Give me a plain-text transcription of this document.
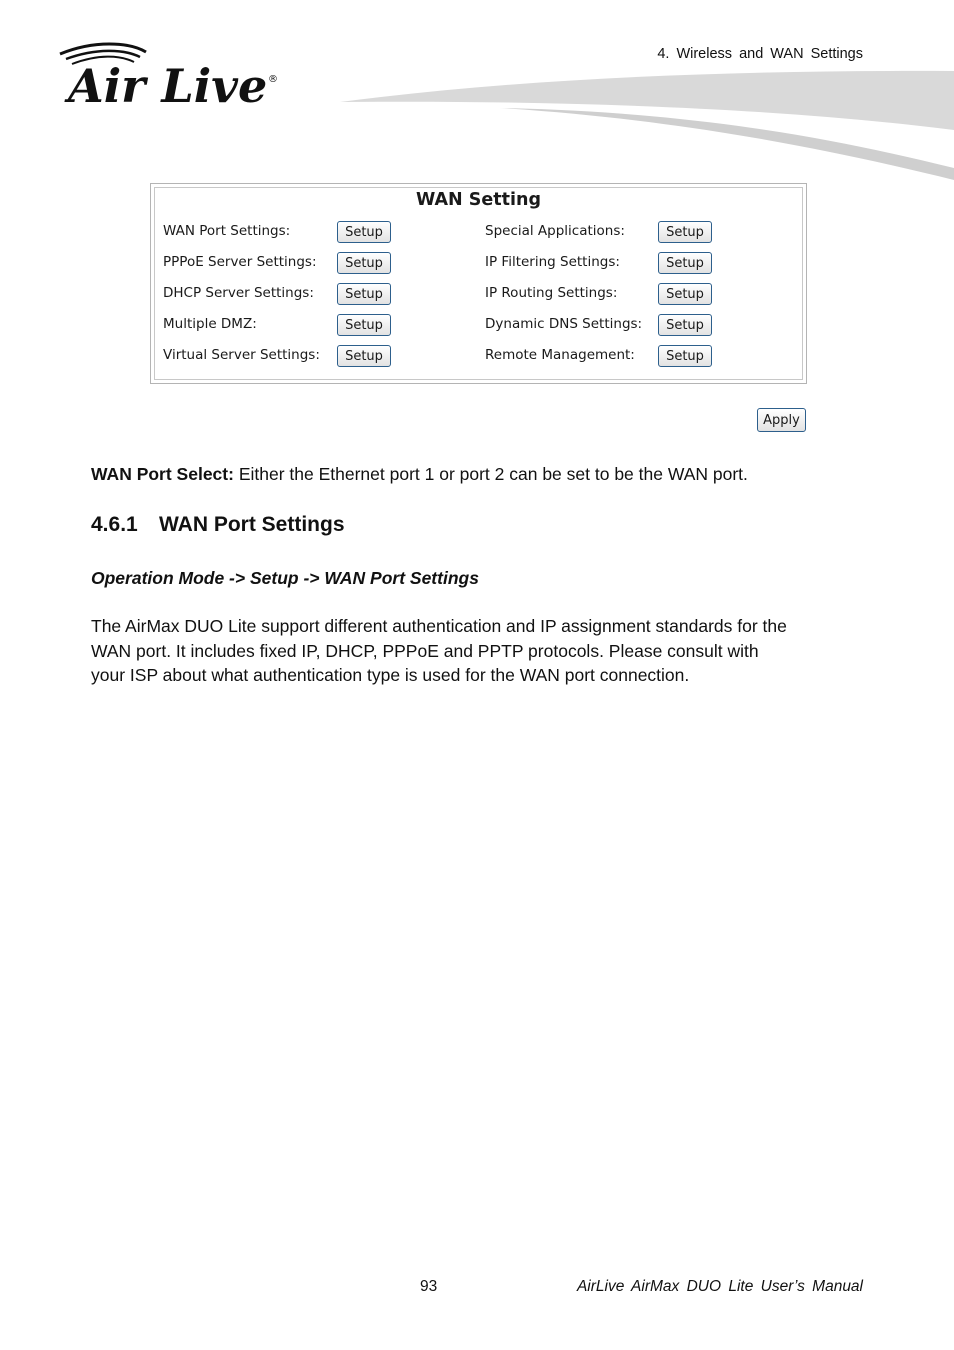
4. Wireless and WAN Settings
Air Live ®
WAN Setting
WAN Port Settings:	Setup	Special Applications:	Setup
PPPoE Server Settings:	Setup	IP Filtering Settings:	Setup
DHCP Server Settings:	Setup	IP Routing Settings:	Setup
Multiple DMZ:	Setup	Dynamic DNS Settings:	Setup
Virtual Server Settings:	Setup	Remote Management:	Setup
Apply
WAN Port Select: Either the Ethernet port 1 or port 2 can be set to be the WAN port.
4.6.1 WAN Port Settings
Operation Mode -> Setup -> WAN Port Settings
The AirMax DUO Lite support different authentication and IP assignment standards for the
WAN port. It includes fixed IP, DHCP, PPPoE and PPTP protocols. Please consult with
your ISP about what authentication type is used for the WAN port connection.
93	AirLive AirMax DUO Lite User’s Manual
